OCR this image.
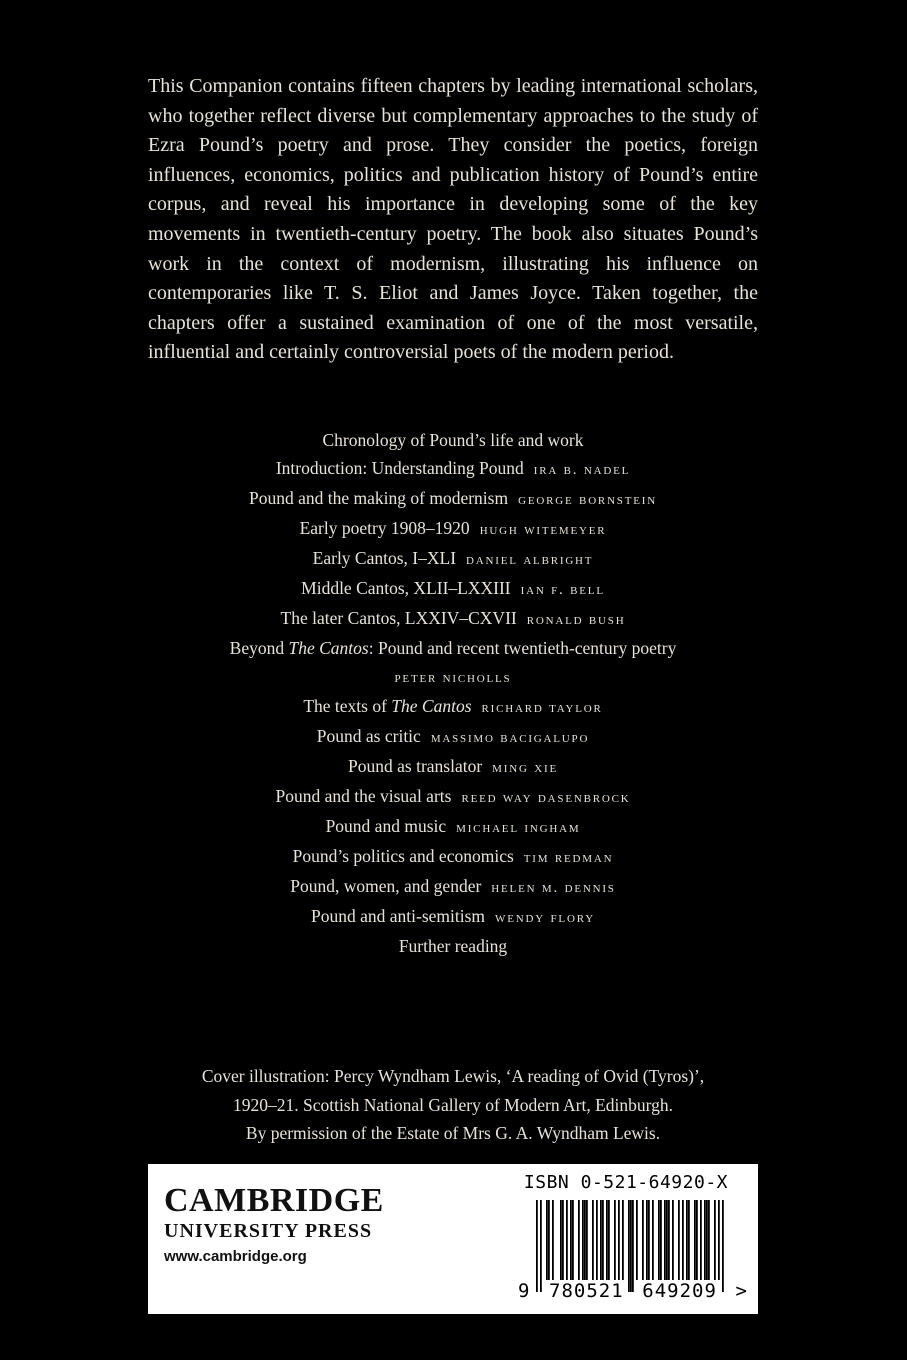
This Companion contains fifteen chapters by leading international scholars, who together reflect diverse but complementary approaches to the study of Ezra Pound’s poetry and prose. They consider the poetics, foreign influences, economics, politics and publication history of Pound’s entire corpus, and reveal his importance in developing some of the key movements in twentieth-century poetry. The book also situates Pound’s work in the context of modernism, illustrating his influence on contemporaries like T. S. Eliot and James Joyce. Taken together, the chapters offer a sustained examination of one of the most versatile, influential and certainly controversial poets of the modern period.
Chronology of Pound’s life and work
Introduction: Understanding Pound ira b. nadel
Pound and the making of modernism george bornstein
Early poetry 1908–1920 hugh witemeyer
Early Cantos, I–XLI daniel albright
Middle Cantos, XLII–LXXIII ian f. bell
The later Cantos, LXXIV–CXVII ronald bush
Beyond The Cantos: Pound and recent twentieth-century poetry
peter nicholls
The texts of The Cantos richard taylor
Pound as critic massimo bacigalupo
Pound as translator ming xie
Pound and the visual arts reed way dasenbrock
Pound and music michael ingham
Pound’s politics and economics tim redman
Pound, women, and gender helen m. dennis
Pound and anti-semitism wendy flory
Further reading
Cover illustration: Percy Wyndham Lewis, ‘A reading of Ovid (Tyros)’,
1920–21. Scottish National Gallery of Modern Art, Edinburgh.
By permission of the Estate of Mrs G. A. Wyndham Lewis.
CAMBRIDGE
UNIVERSITY PRESS
www.cambridge.org
ISBN 0-521-64920-X
9 780521 649209 >
